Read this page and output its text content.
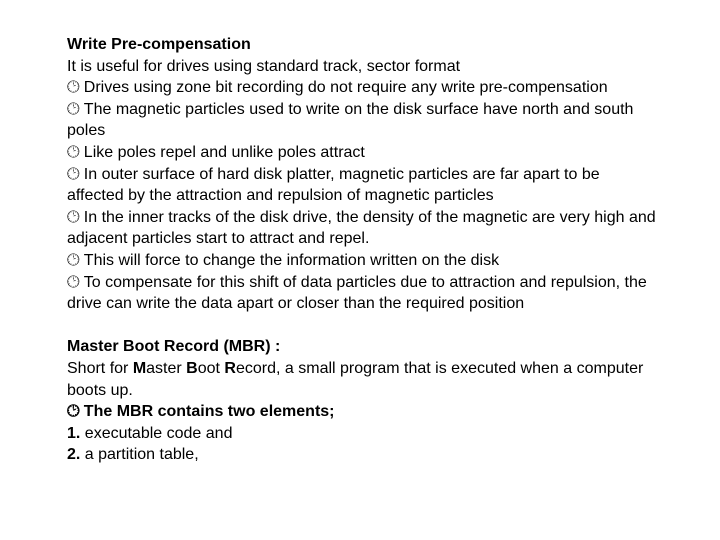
Write Pre-compensation
It is useful for drives using standard track, sector format
🕑︎ Drives using zone bit recording do not require any write pre-compensation
🕑︎ The magnetic particles used to write on the disk surface have north and south poles
🕑︎ Like poles repel and unlike poles attract
🕑︎ In outer surface of hard disk platter, magnetic particles are far apart to be affected by the attraction and repulsion of magnetic particles
🕑︎ In the inner tracks of the disk drive, the density of the magnetic are very high and adjacent particles start to attract and repel.
🕑︎ This will force to change the information written on the disk
🕑︎ To compensate for this shift of data particles due to attraction and repulsion, the drive can write the data apart or closer than the required position
Master Boot Record (MBR) :
Short for Master Boot Record, a small program that is executed when a computer boots up.
🕑︎ The MBR contains two elements;
1. executable code and
2. a partition table,
